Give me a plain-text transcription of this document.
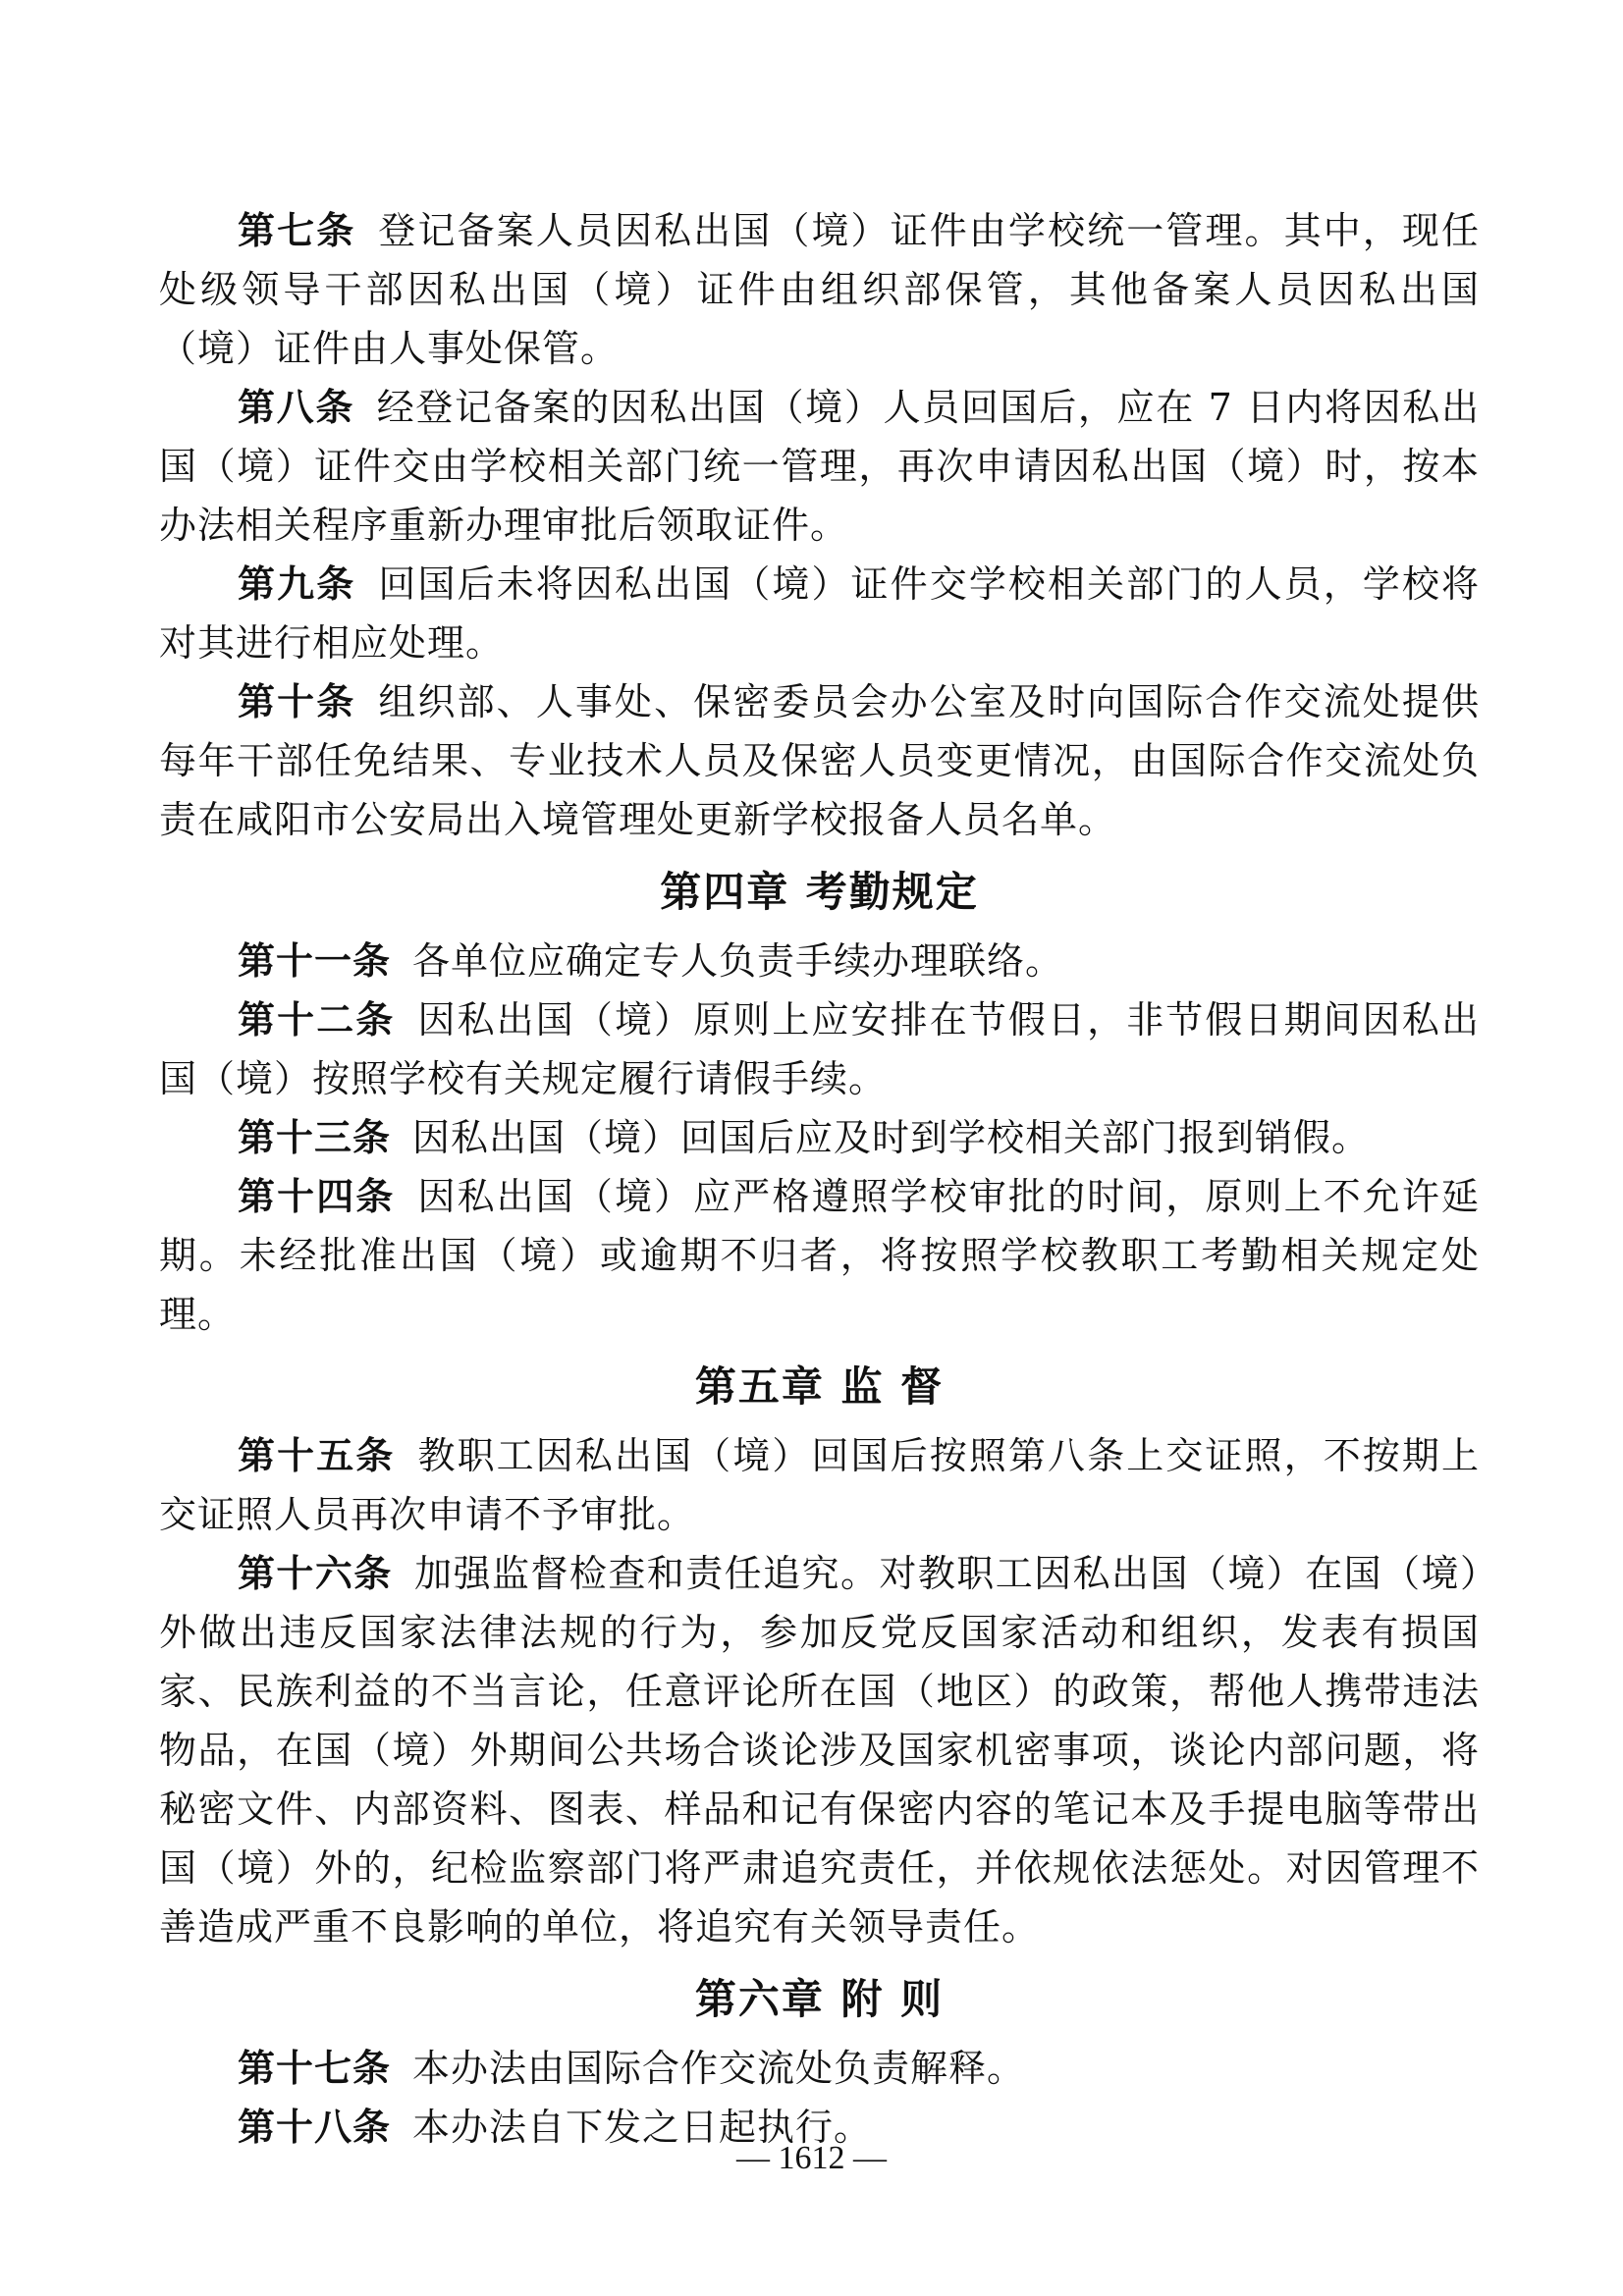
第七条 登记备案人员因私出国（境）证件由学校统一管理。其中，现任处级领导干部因私出国（境）证件由组织部保管，其他备案人员因私出国（境）证件由人事处保管。

第八条 经登记备案的因私出国（境）人员回国后，应在 7 日内将因私出国（境）证件交由学校相关部门统一管理，再次申请因私出国（境）时，按本办法相关程序重新办理审批后领取证件。

第九条 回国后未将因私出国（境）证件交学校相关部门的人员，学校将对其进行相应处理。

第十条 组织部、人事处、保密委员会办公室及时向国际合作交流处提供每年干部任免结果、专业技术人员及保密人员变更情况，由国际合作交流处负责在咸阳市公安局出入境管理处更新学校报备人员名单。

第四章 考勤规定

第十一条 各单位应确定专人负责手续办理联络。

第十二条 因私出国（境）原则上应安排在节假日，非节假日期间因私出国（境）按照学校有关规定履行请假手续。

第十三条 因私出国（境）回国后应及时到学校相关部门报到销假。

第十四条 因私出国（境）应严格遵照学校审批的时间，原则上不允许延期。未经批准出国（境）或逾期不归者，将按照学校教职工考勤相关规定处理。

第五章 监 督

第十五条 教职工因私出国（境）回国后按照第八条上交证照，不按期上交证照人员再次申请不予审批。

第十六条 加强监督检查和责任追究。对教职工因私出国（境）在国（境）外做出违反国家法律法规的行为，参加反党反国家活动和组织，发表有损国家、民族利益的不当言论，任意评论所在国（地区）的政策，帮他人携带违法物品，在国（境）外期间公共场合谈论涉及国家机密事项，谈论内部问题，将秘密文件、内部资料、图表、样品和记有保密内容的笔记本及手提电脑等带出国（境）外的，纪检监察部门将严肃追究责任，并依规依法惩处。对因管理不善造成严重不良影响的单位，将追究有关领导责任。

第六章 附 则

第十七条 本办法由国际合作交流处负责解释。

第十八条 本办法自下发之日起执行。

— 1612 —
